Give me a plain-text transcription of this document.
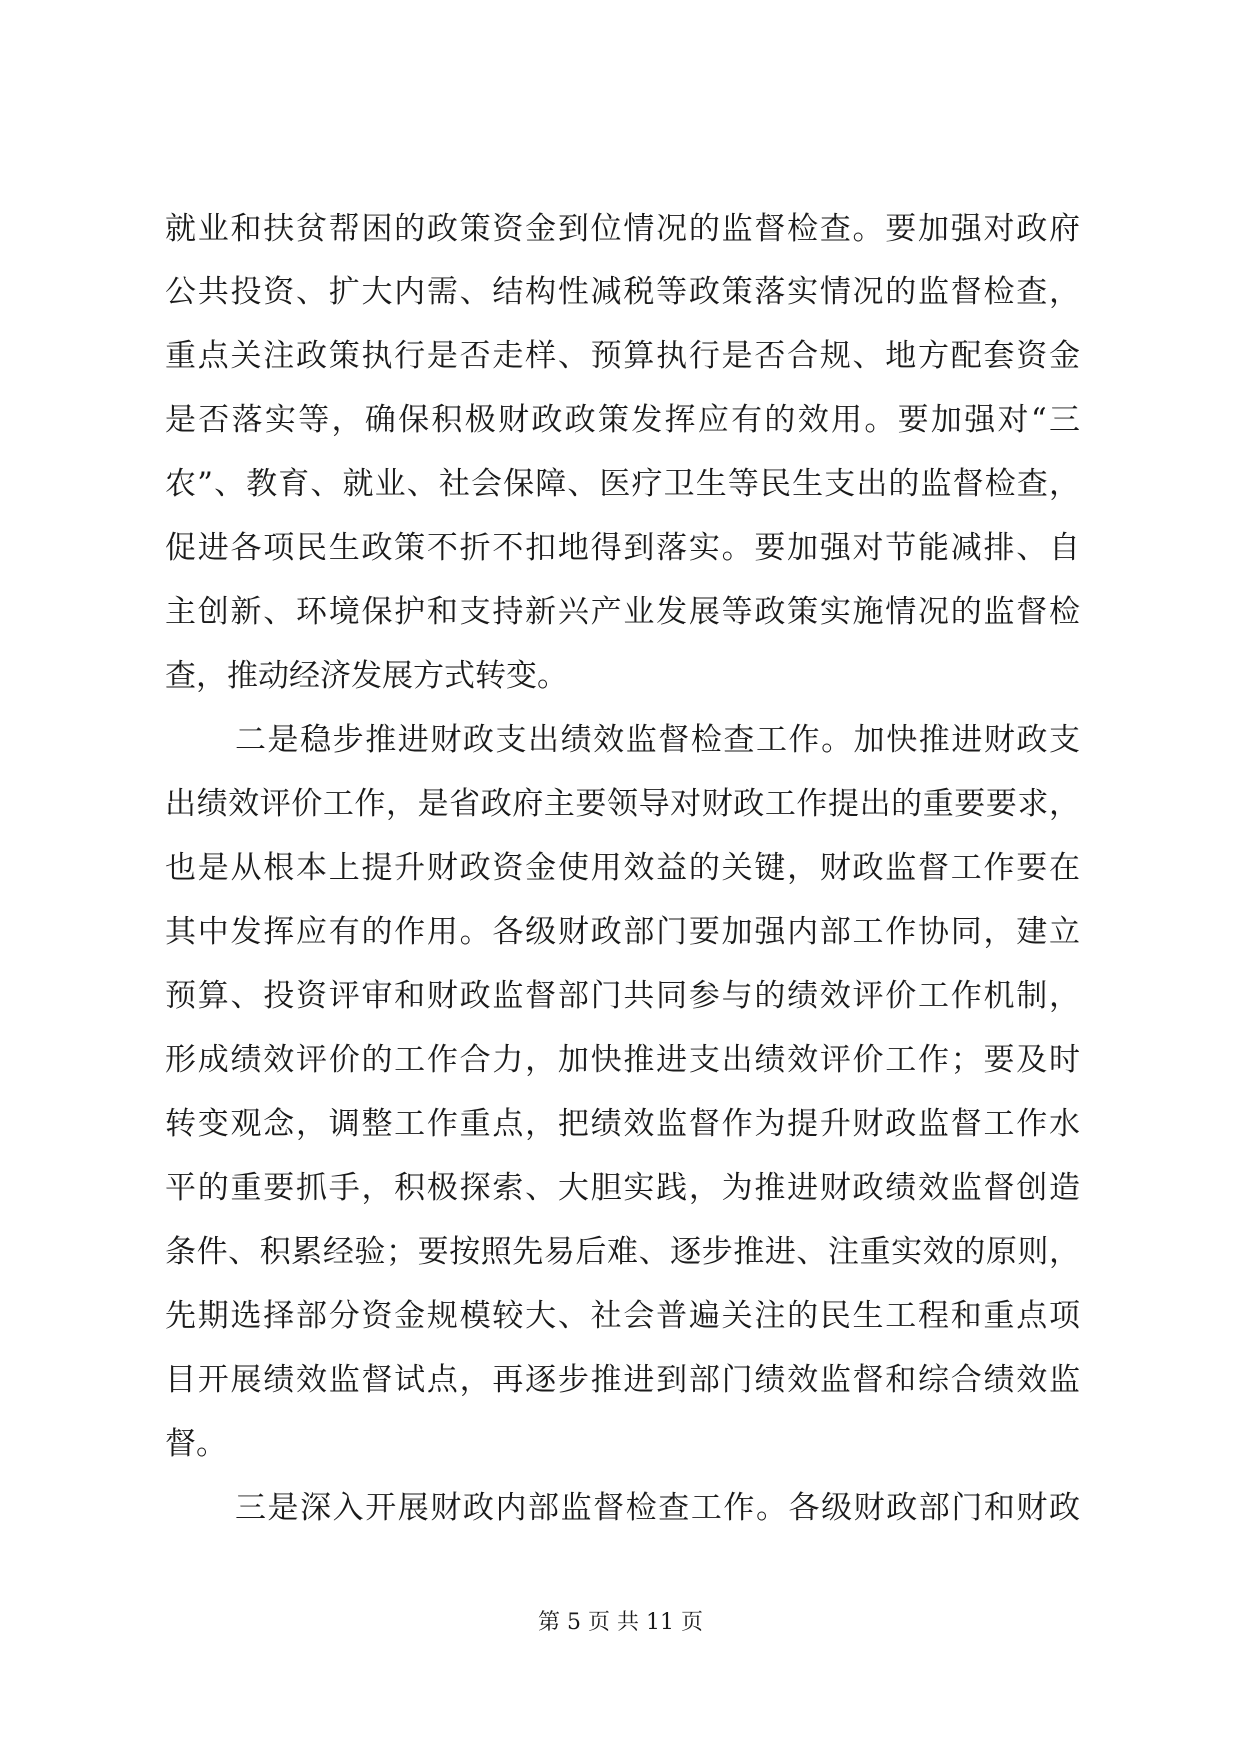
就业和扶贫帮困的政策资金到位情况的监督检查。要加强对政府
公共投资、扩大内需、结构性减税等政策落实情况的监督检查，
重点关注政策执行是否走样、预算执行是否合规、地方配套资金
是否落实等，确保积极财政政策发挥应有的效用。要加强对“三
农”、教育、就业、社会保障、医疗卫生等民生支出的监督检查，
促进各项民生政策不折不扣地得到落实。要加强对节能减排、自
主创新、环境保护和支持新兴产业发展等政策实施情况的监督检
查，推动经济发展方式转变。
二是稳步推进财政支出绩效监督检查工作。加快推进财政支
出绩效评价工作，是省政府主要领导对财政工作提出的重要要求，
也是从根本上提升财政资金使用效益的关键，财政监督工作要在
其中发挥应有的作用。各级财政部门要加强内部工作协同，建立
预算、投资评审和财政监督部门共同参与的绩效评价工作机制，
形成绩效评价的工作合力，加快推进支出绩效评价工作；要及时
转变观念，调整工作重点，把绩效监督作为提升财政监督工作水
平的重要抓手，积极探索、大胆实践，为推进财政绩效监督创造
条件、积累经验；要按照先易后难、逐步推进、注重实效的原则，
先期选择部分资金规模较大、社会普遍关注的民生工程和重点项
目开展绩效监督试点，再逐步推进到部门绩效监督和综合绩效监
督。
三是深入开展财政内部监督检查工作。各级财政部门和财政
第 5 页 共 11 页
